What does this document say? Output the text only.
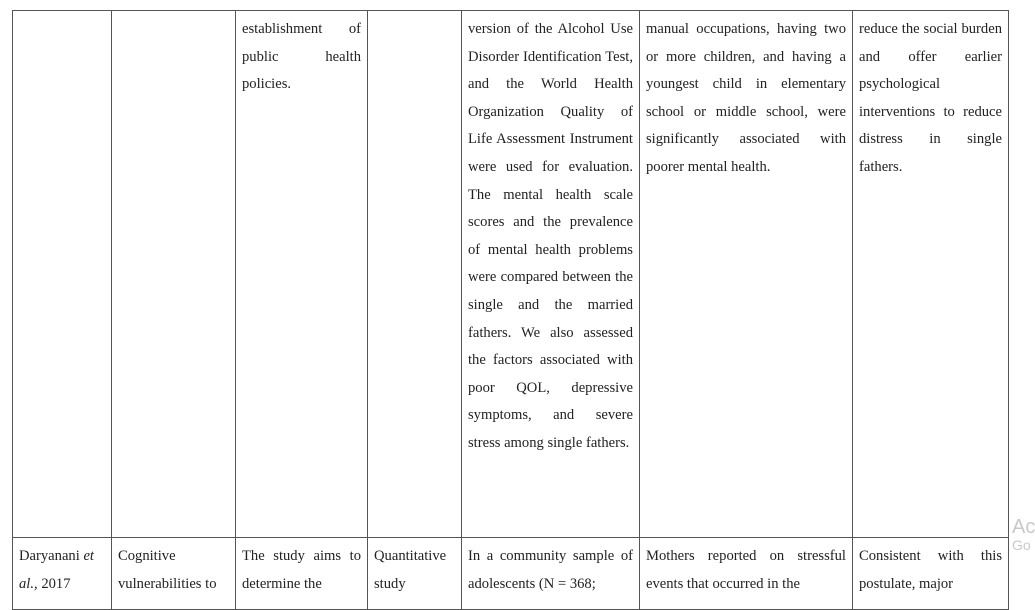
		establishment of public health policies.		version of the Alcohol Use Disorder Identification Test, and the World Health Organization Quality of Life Assessment Instrument were used for evaluation. The mental health scale scores and the prevalence of mental health problems were compared between the single and the married fathers. We also assessed the factors associated with poor QOL, depressive symptoms, and severe stress among single fathers.	manual occupations, having two or more children, and having a youngest child in elementary school or middle school, were significantly associated with poorer mental health.	reduce the social burden and offer earlier psychological interventions to reduce distress in single fathers.
Daryanani et al., 2017	Cognitive vulnerabilities to	The study aims to determine the	Quantitative study	In a community sample of adolescents (N = 368;	Mothers reported on stressful events that occurred in the	Consistent with this postulate, major
Ac
Go
